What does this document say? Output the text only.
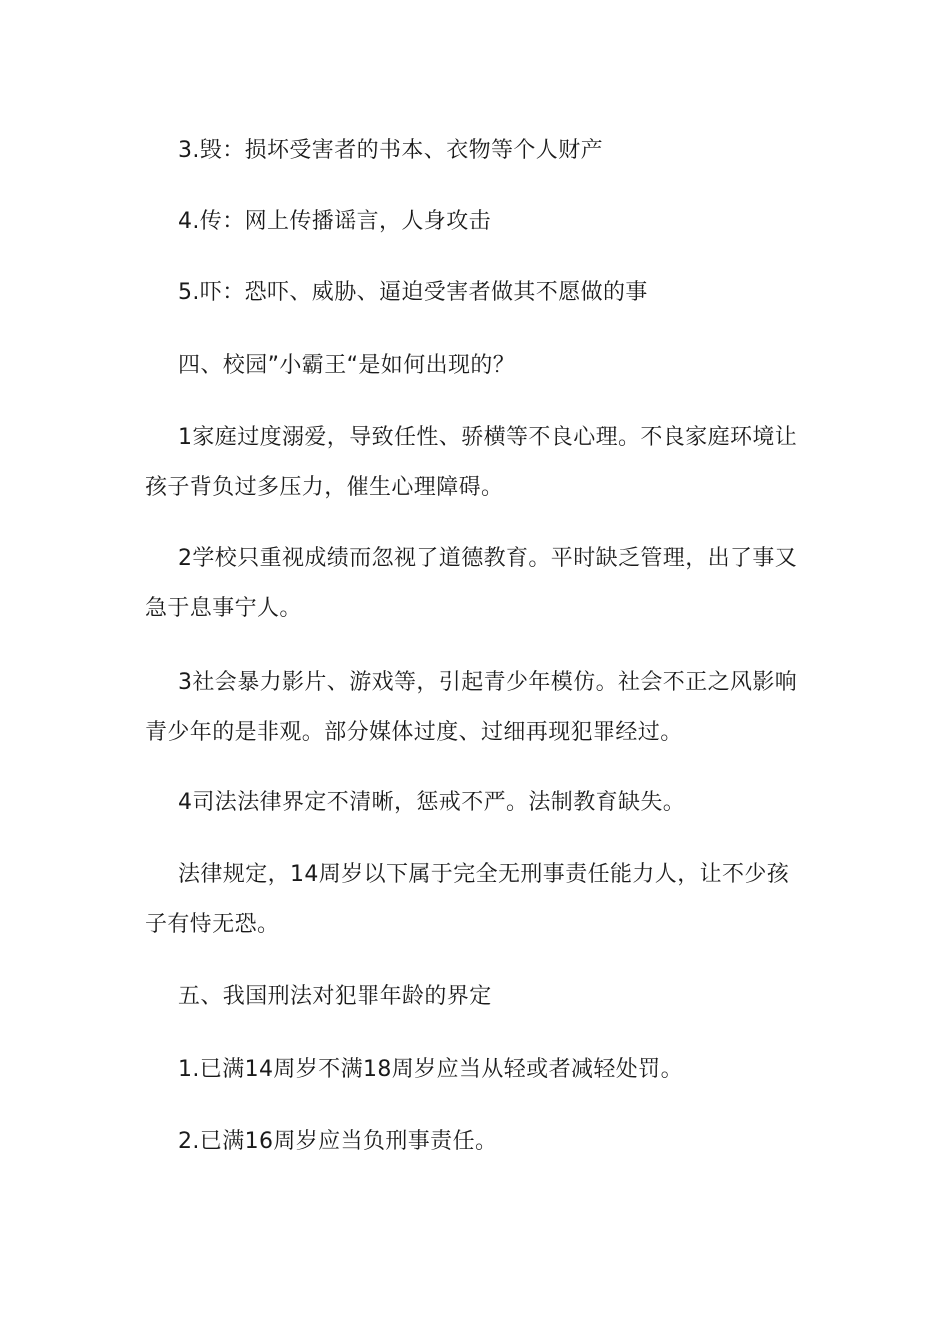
3.毁：损坏受害者的书本、衣物等个人财产

4.传：网上传播谣言，人身攻击

5.吓：恐吓、威胁、逼迫受害者做其不愿做的事

四、校园”小霸王“是如何出现的？

1家庭过度溺爱，导致任性、骄横等不良心理。不良家庭环境让孩子背负过多压力，催生心理障碍。

2学校只重视成绩而忽视了道德教育。平时缺乏管理，出了事又急于息事宁人。

3社会暴力影片、游戏等，引起青少年模仿。社会不正之风影响青少年的是非观。部分媒体过度、过细再现犯罪经过。

4司法法律界定不清晰，惩戒不严。法制教育缺失。

法律规定，14周岁以下属于完全无刑事责任能力人，让不少孩子有恃无恐。

五、我国刑法对犯罪年龄的界定

1.已满14周岁不满18周岁应当从轻或者减轻处罚。

2.已满16周岁应当负刑事责任。
